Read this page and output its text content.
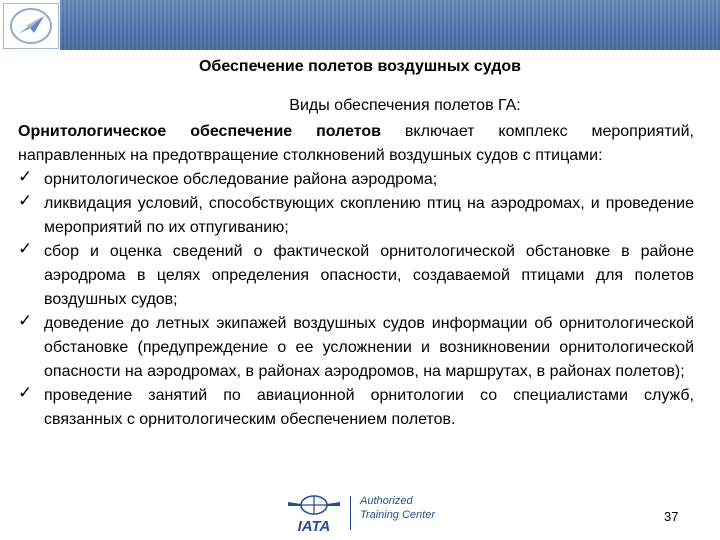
Обеспечение полетов воздушных судов
Виды обеспечения полетов ГА:
Орнитологическое обеспечение полетов включает комплекс мероприятий, направленных на предотвращение столкновений воздушных судов с птицами:
✓ орнитологическое обследование района аэродрома;
✓ ликвидация условий, способствующих скоплению птиц на аэродромах, и проведение мероприятий по их отпугиванию;
✓ сбор и оценка сведений о фактической орнитологической обстановке в районе аэродрома в целях определения опасности, создаваемой птицами для полетов воздушных судов;
✓ доведение до летных экипажей воздушных судов информации об орнитологической обстановке (предупреждение о ее усложнении и возникновении орнитологической опасности на аэродромах, в районах аэродромов, на маршрутах, в районах полетов);
✓ проведение занятий по авиационной орнитологии со специалистами служб, связанных с орнитологическим обеспечением полетов.
IATA
Authorized
Training Center	37
